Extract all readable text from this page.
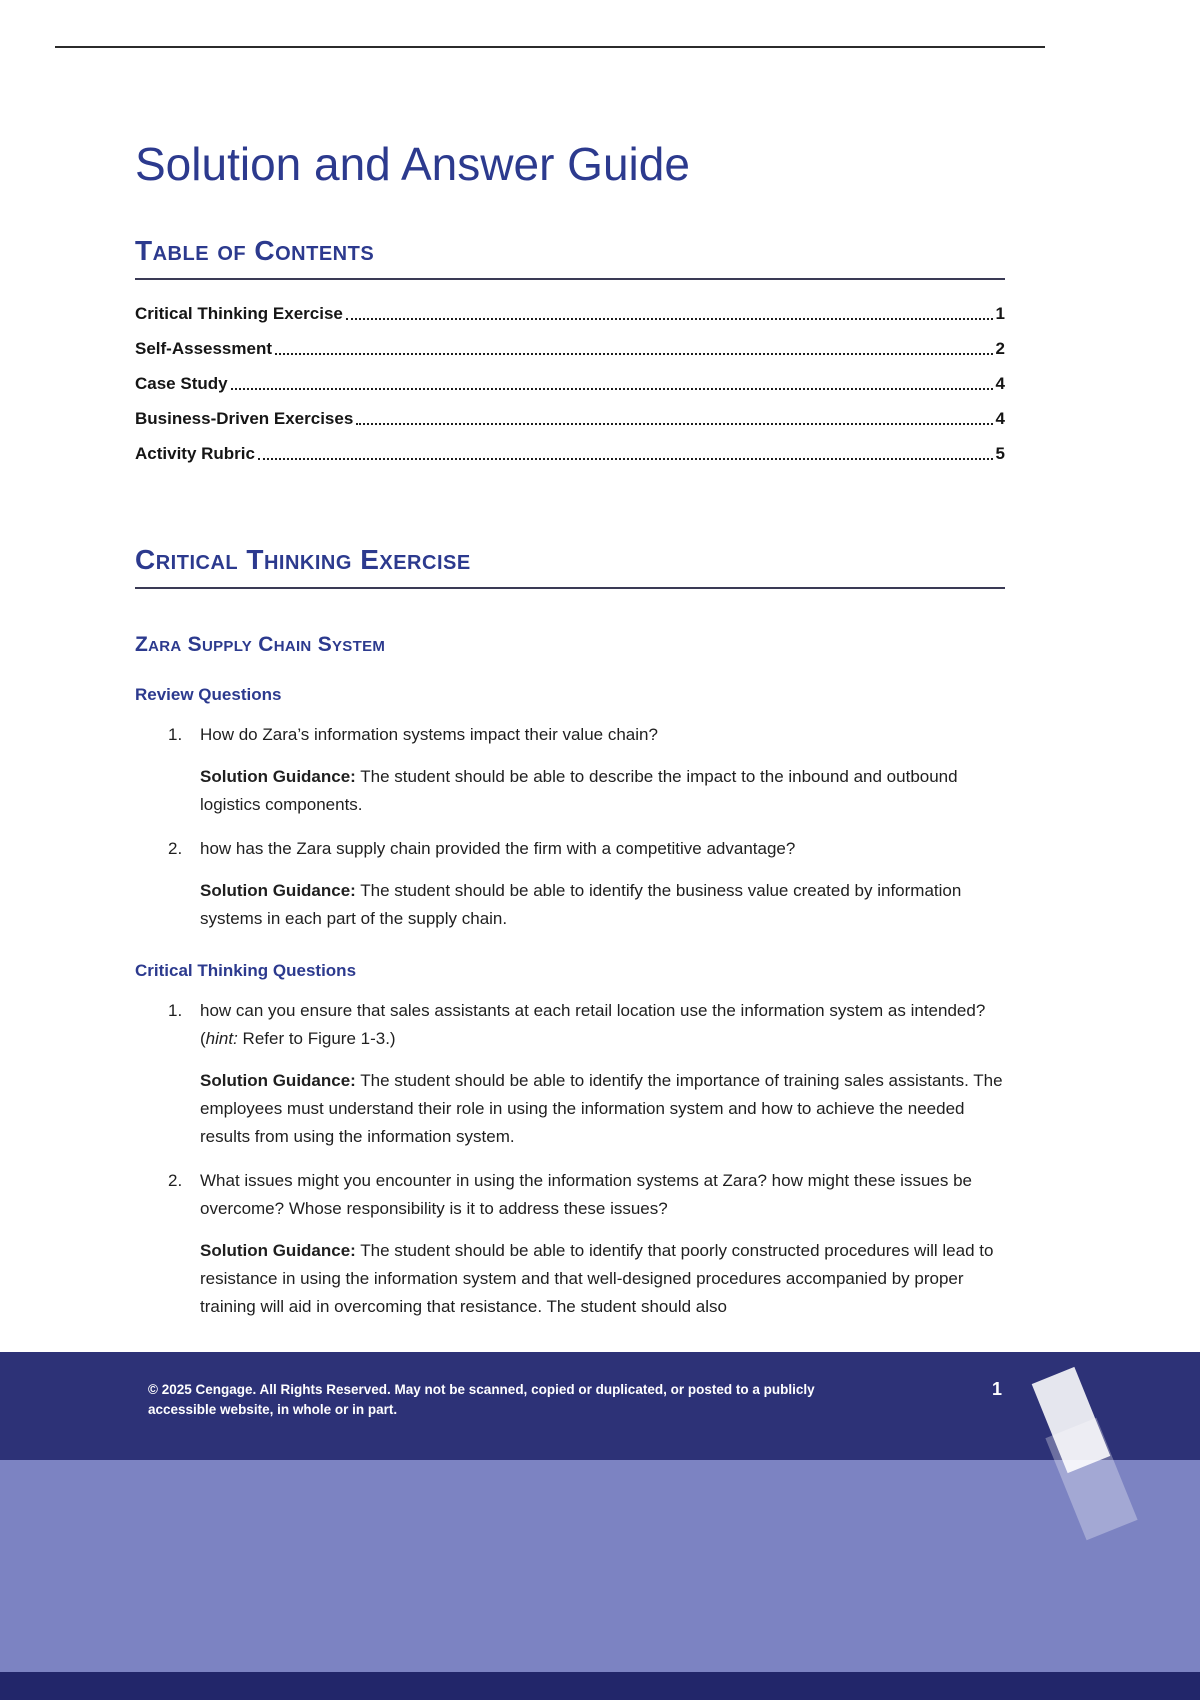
Solution and Answer Guide
Table of Contents
Critical Thinking Exercise	1
Self-Assessment	2
Case Study	4
Business-Driven Exercises	4
Activity Rubric	5
Critical Thinking Exercise
Zara Supply Chain System
Review Questions
1.	How do Zara’s information systems impact their value chain?

Solution Guidance: The student should be able to describe the impact to the inbound and outbound logistics components.

2.	how has the Zara supply chain provided the firm with a competitive advantage?

Solution Guidance: The student should be able to identify the business value created by information systems in each part of the supply chain.

Critical Thinking Questions
1.	how can you ensure that sales assistants at each retail location use the information system as intended? (hint: Refer to Figure 1-3.)

Solution Guidance: The student should be able to identify the importance of training sales assistants. The employees must understand their role in using the information system and how to achieve the needed results from using the information system.

2.	What issues might you encounter in using the information systems at Zara? how might these issues be overcome? Whose responsibility is it to address these issues?

Solution Guidance: The student should be able to identify that poorly constructed procedures will lead to resistance in using the information system and that well-designed procedures accompanied by proper training will aid in overcoming that resistance. The student should also

© 2025 Cengage. All Rights Reserved. May not be scanned, copied or duplicated, or posted to a publicly accessible website, in whole or in part.
1
